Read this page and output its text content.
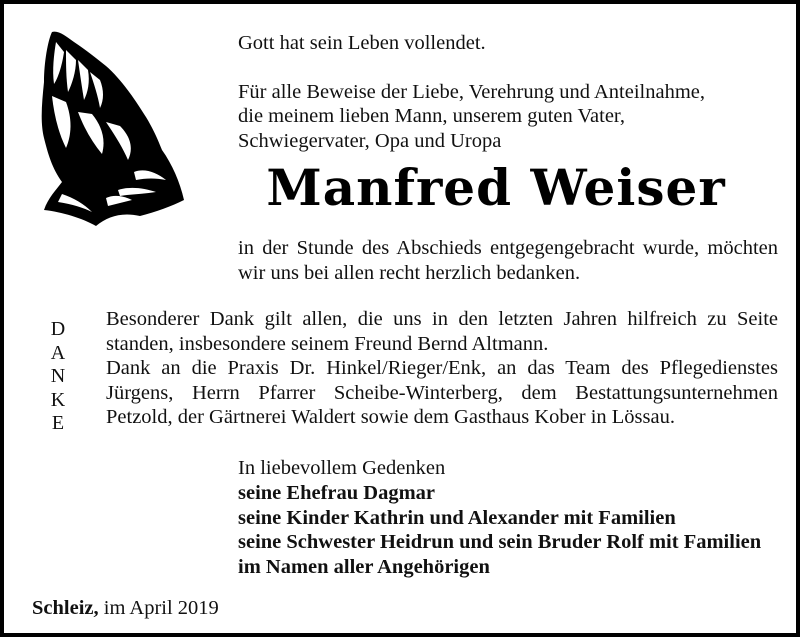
Gott hat sein Leben vollendet.
Für alle Beweise der Liebe, Verehrung und Anteilnahme,
die meinem lieben Mann, unserem guten Vater,
Schwiegervater, Opa und Uropa
Manfred Weiser
in der Stunde des Abschieds entgegengebracht wurde, möchten wir uns bei allen recht herzlich bedanken.
D
A
N
K
E

Besonderer Dank gilt allen, die uns in den letzten Jahren hilfreich zu Seite standen, insbesondere seinem Freund Bernd Altmann.

Dank an die Praxis Dr. Hinkel/Rieger/Enk, an das Team des Pflegedienstes Jürgens, Herrn Pfarrer Scheibe-Winterberg, dem Bestattungsunternehmen Petzold, der Gärtnerei Waldert sowie dem Gasthaus Kober in Lössau.

In liebevollem Gedenken
seine Ehefrau Dagmar
seine Kinder Kathrin und Alexander mit Familien
seine Schwester Heidrun und sein Bruder Rolf mit Familien
im Namen aller Angehörigen
Schleiz, im April 2019
